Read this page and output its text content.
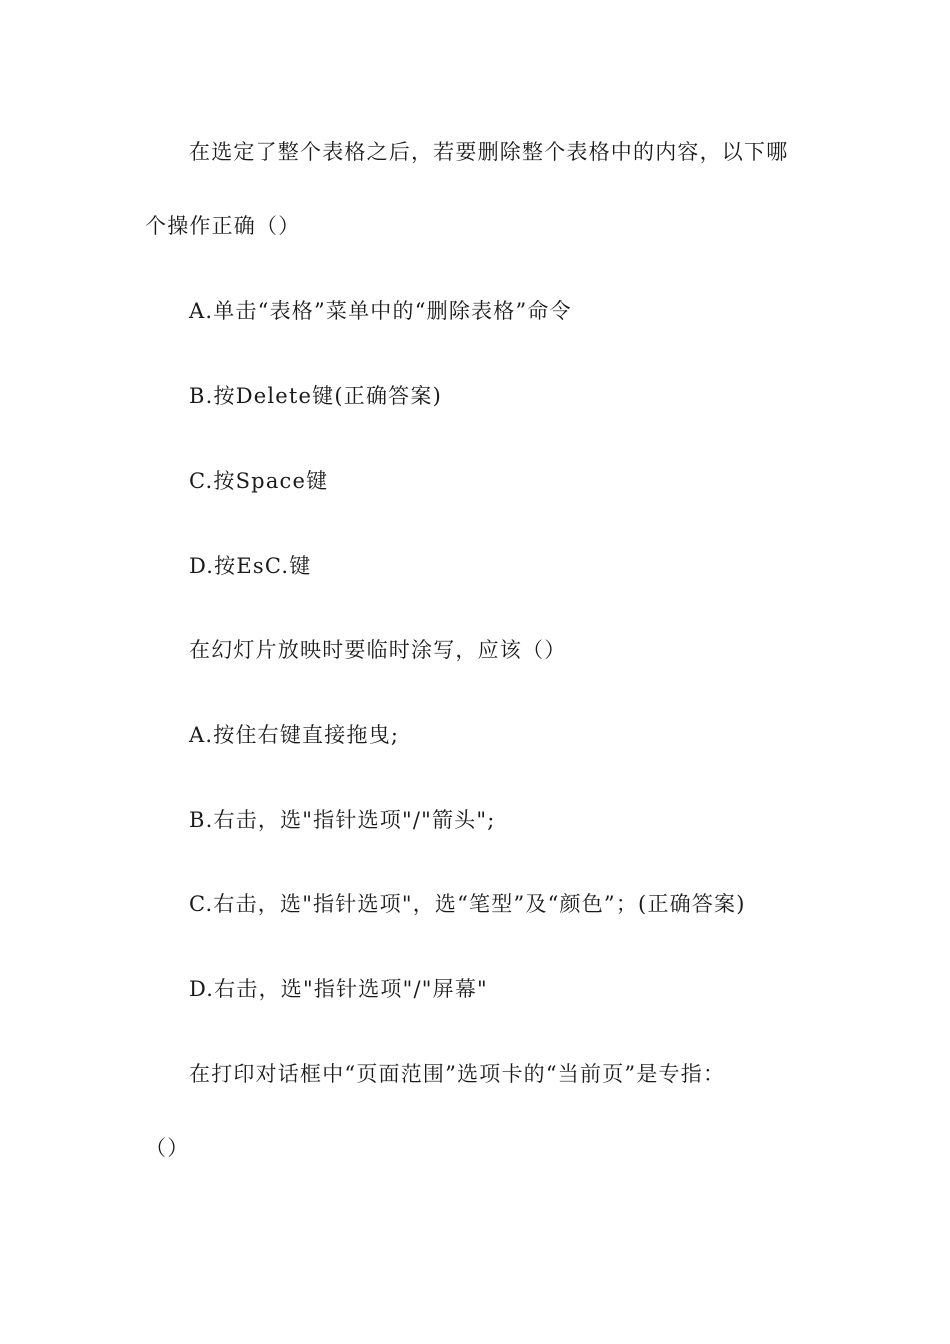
在选定了整个表格之后，若要删除整个表格中的内容，以下哪
个操作正确（）
A.单击“表格”菜单中的“删除表格”命令
B.按Delete键(正确答案)
C.按Space键
D.按EsC.键
在幻灯片放映时要临时涂写，应该（）
A.按住右键直接拖曳;
B.右击，选"指针选项"/"箭头";
C.右击，选"指针选项"，选“笔型”及“颜色”；(正确答案)
D.右击，选"指针选项"/"屏幕"
在打印对话框中“页面范围”选项卡的“当前页”是专指：
（）
